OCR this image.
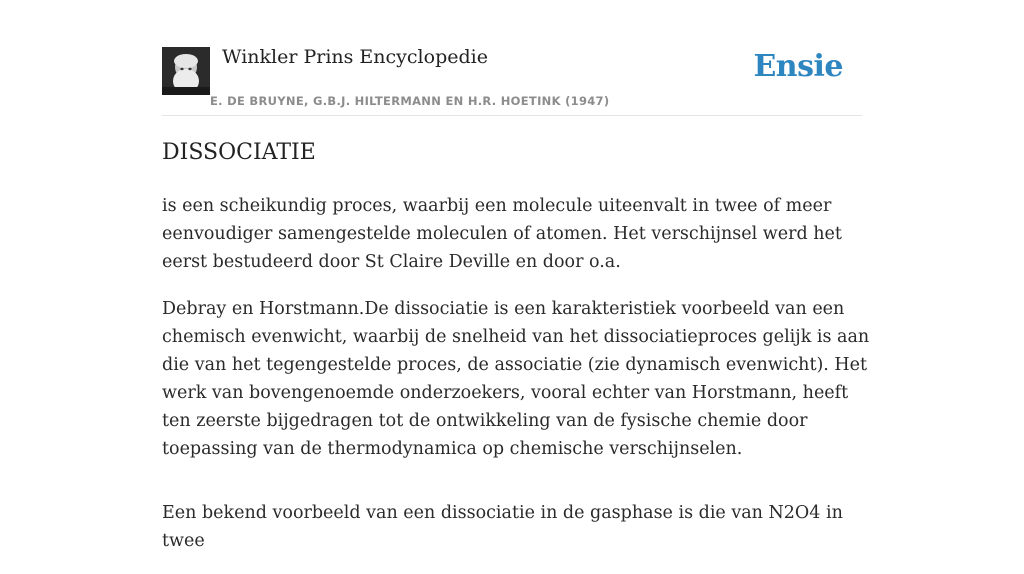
Winkler Prins Encyclopedie
E. DE BRUYNE, G.B.J. HILTERMANN EN H.R. HOETINK (1947)
Ensie
DISSOCIATIE

is een scheikundig proces, waarbij een molecule uiteenvalt in twee of meer eenvoudiger samengestelde moleculen of atomen. Het verschijnsel werd het eerst bestudeerd door St Claire Deville en door o.a.

Debray en Horstmann.De dissociatie is een karakteristiek voorbeeld van een chemisch evenwicht, waarbij de snelheid van het dissociatieproces gelijk is aan die van het tegengestelde proces, de associatie (zie dynamisch evenwicht). Het werk van bovengenoemde onderzoekers, vooral echter van Horstmann, heeft ten zeerste bijgedragen tot de ontwikkeling van de fysische chemie door toepassing van de thermodynamica op chemische verschijnselen.

Een bekend voorbeeld van een dissociatie in de gasphase is die van N2O4 in twee
